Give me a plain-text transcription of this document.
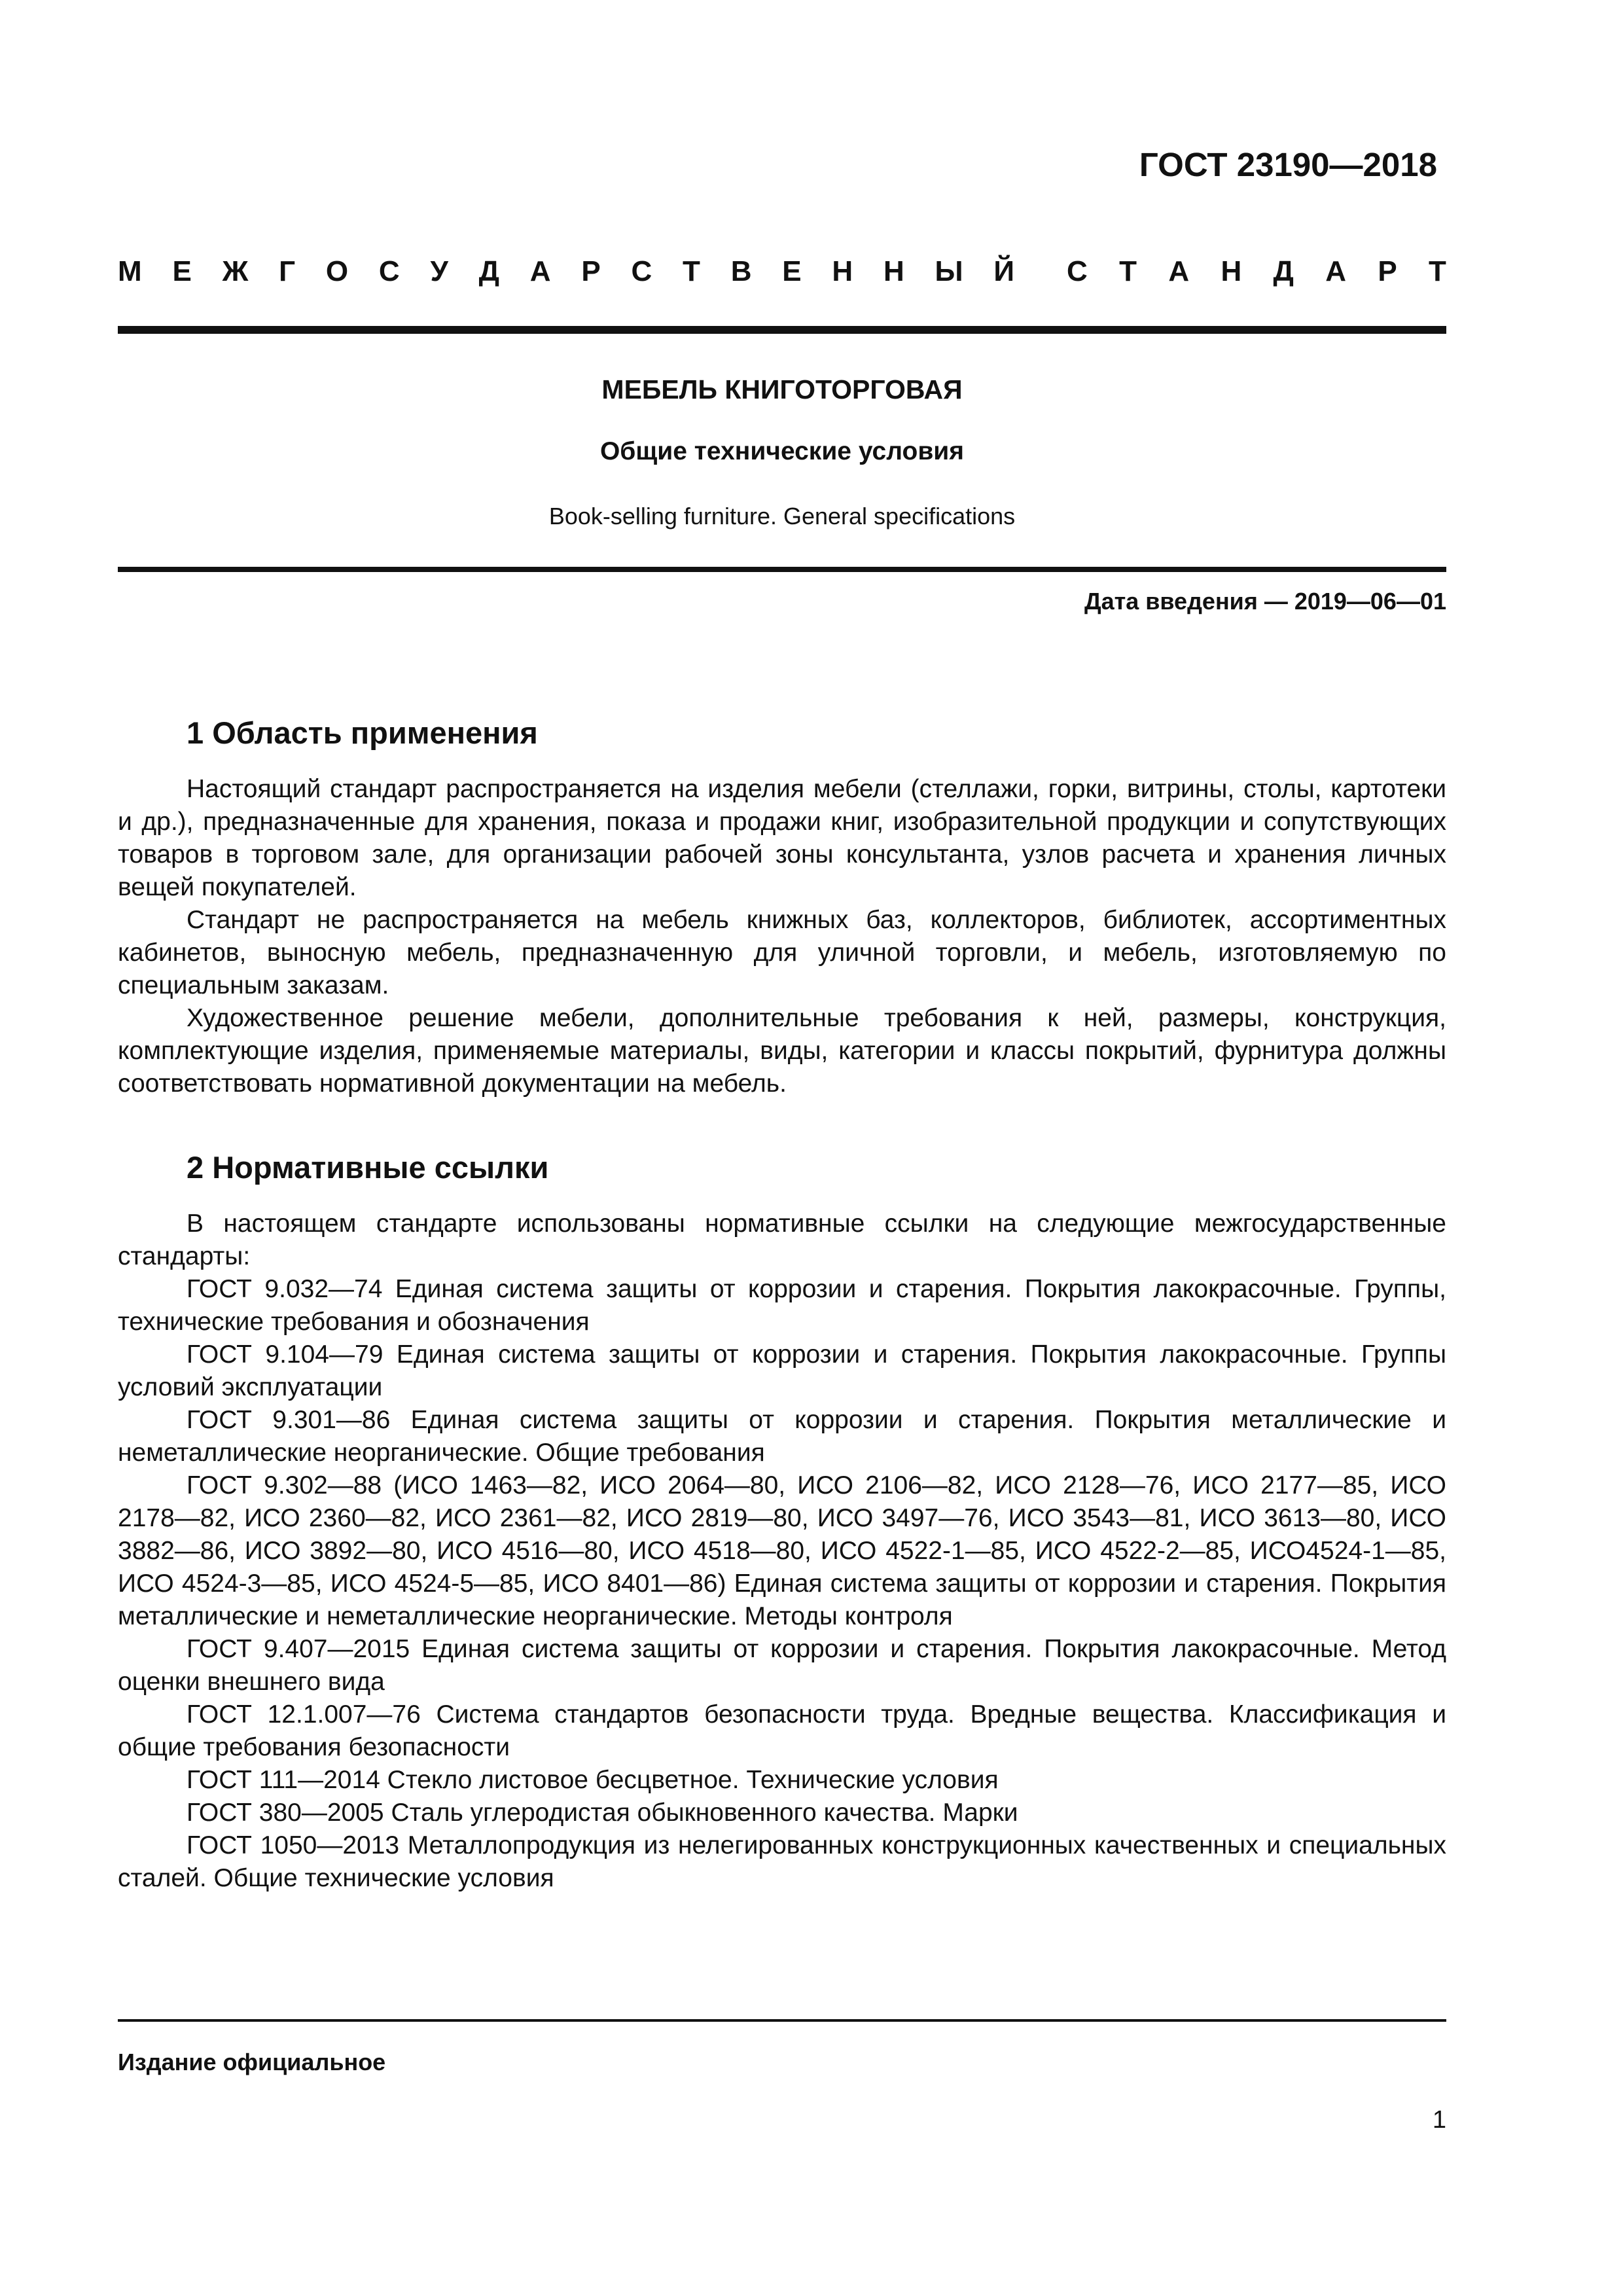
ГОСТ 23190—2018
М Е Ж Г О С У Д А Р С Т В Е Н Н Ы Й С Т А Н Д А Р Т
МЕБЕЛЬ КНИГОТОРГОВАЯ
Общие технические условия
Book-selling furniture. General specifications
Дата введения — 2019—06—01
1 Область применения

Настоящий стандарт распространяется на изделия мебели (стеллажи, горки, витрины, столы, картотеки и др.), предназначенные для хранения, показа и продажи книг, изобразительной продукции и сопутствующих товаров в торговом зале, для организации рабочей зоны консультанта, узлов расчета и хранения личных вещей покупателей.

Стандарт не распространяется на мебель книжных баз, коллекторов, библиотек, ассортиментных кабинетов, выносную мебель, предназначенную для уличной торговли, и мебель, изготовляемую по специальным заказам.

Художественное решение мебели, дополнительные требования к ней, размеры, конструкция, комплектующие изделия, применяемые материалы, виды, категории и классы покрытий, фурнитура должны соответствовать нормативной документации на мебель.

2 Нормативные ссылки

В настоящем стандарте использованы нормативные ссылки на следующие межгосударственные стандарты:

ГОСТ 9.032—74 Единая система защиты от коррозии и старения. Покрытия лакокрасочные. Группы, технические требования и обозначения

ГОСТ 9.104—79 Единая система защиты от коррозии и старения. Покрытия лакокрасочные. Группы условий эксплуатации

ГОСТ 9.301—86 Единая система защиты от коррозии и старения. Покрытия металлические и неметаллические неорганические. Общие требования

ГОСТ 9.302—88 (ИСО 1463—82, ИСО 2064—80, ИСО 2106—82, ИСО 2128—76, ИСО 2177—85, ИСО 2178—82, ИСО 2360—82, ИСО 2361—82, ИСО 2819—80, ИСО 3497—76, ИСО 3543—81, ИСО 3613—80, ИСО 3882—86, ИСО 3892—80, ИСО 4516—80, ИСО 4518—80, ИСО 4522-1—85, ИСО 4522-2—85, ИСО4524-1—85, ИСО 4524-3—85, ИСО 4524-5—85, ИСО 8401—86) Единая система защиты от коррозии и старения. Покрытия металлические и неметаллические неорганические. Методы контроля

ГОСТ 9.407—2015 Единая система защиты от коррозии и старения. Покрытия лакокрасочные. Метод оценки внешнего вида

ГОСТ 12.1.007—76 Система стандартов безопасности труда. Вредные вещества. Классификация и общие требования безопасности

ГОСТ 111—2014 Стекло листовое бесцветное. Технические условия

ГОСТ 380—2005 Сталь углеродистая обыкновенного качества. Марки

ГОСТ 1050—2013 Металлопродукция из нелегированных конструкционных качественных и специальных сталей. Общие технические условия

Издание официальное
1
